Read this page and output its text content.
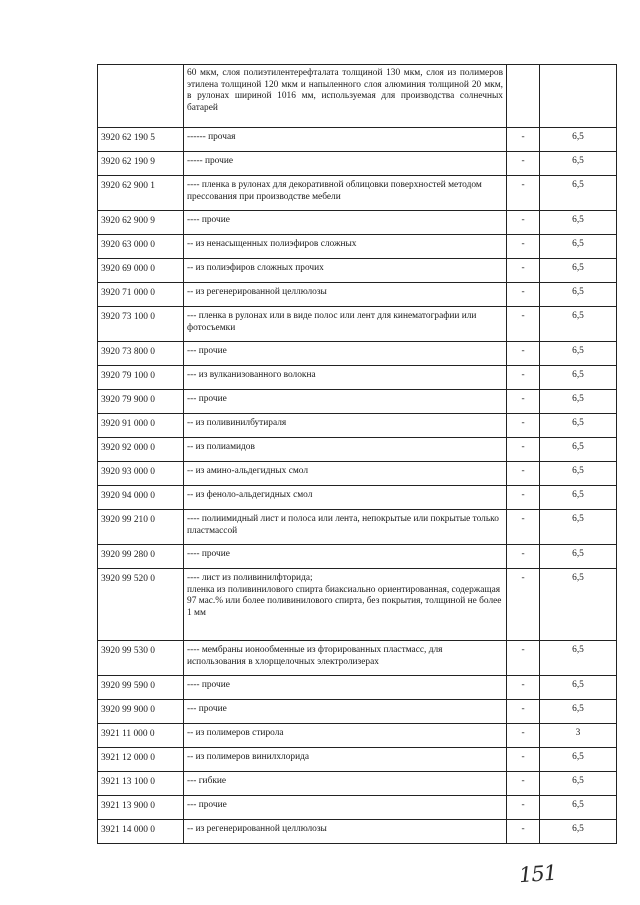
	60 мкм, слоя полиэтилентерефталата толщиной 130 мкм, слоя из полимеров этилена толщиной 120 мкм и напыленного слоя алюминия толщиной 20 мкм, в рулонах шириной 1016 мм, используемая для производства солнечных батарей		
3920 62 190 5	------ прочая	-	6,5
3920 62 190 9	----- прочие	-	6,5
3920 62 900 1	---- пленка в рулонах для декоративной облицовки поверхностей методом прессования при производстве мебели	-	6,5
3920 62 900 9	---- прочие	-	6,5
3920 63 000 0	-- из ненасыщенных полиэфиров сложных	-	6,5
3920 69 000 0	-- из полиэфиров сложных прочих	-	6,5
3920 71 000 0	-- из регенерированной целлюлозы	-	6,5
3920 73 100 0	--- пленка в рулонах или в виде полос или лент для кинематографии или фотосъемки	-	6,5
3920 73 800 0	--- прочие	-	6,5
3920 79 100 0	--- из вулканизованного волокна	-	6,5
3920 79 900 0	--- прочие	-	6,5
3920 91 000 0	-- из поливинилбутираля	-	6,5
3920 92 000 0	-- из полиамидов	-	6,5
3920 93 000 0	-- из амино-альдегидных смол	-	6,5
3920 94 000 0	-- из феноло-альдегидных смол	-	6,5
3920 99 210 0	---- полиимидный лист и полоса или лента, непокрытые или покрытые только пластмассой	-	6,5
3920 99 280 0	---- прочие	-	6,5
3920 99 520 0	---- лист из поливинилфторида;
пленка из поливинилового спирта биаксиально ориентированная, содержащая 97 мас.% или более поливинилового спирта, без покрытия, толщиной не более 1 мм	-	6,5
3920 99 530 0	---- мембраны ионообменные из фторированных пластмасс, для использования в хлорщелочных электролизерах	-	6,5
3920 99 590 0	---- прочие	-	6,5
3920 99 900 0	--- прочие	-	6,5
3921 11 000 0	-- из полимеров стирола	-	3
3921 12 000 0	-- из полимеров винилхлорида	-	6,5
3921 13 100 0	--- гибкие	-	6,5
3921 13 900 0	--- прочие	-	6,5
3921 14 000 0	-- из регенерированной целлюлозы	-	6,5
151
